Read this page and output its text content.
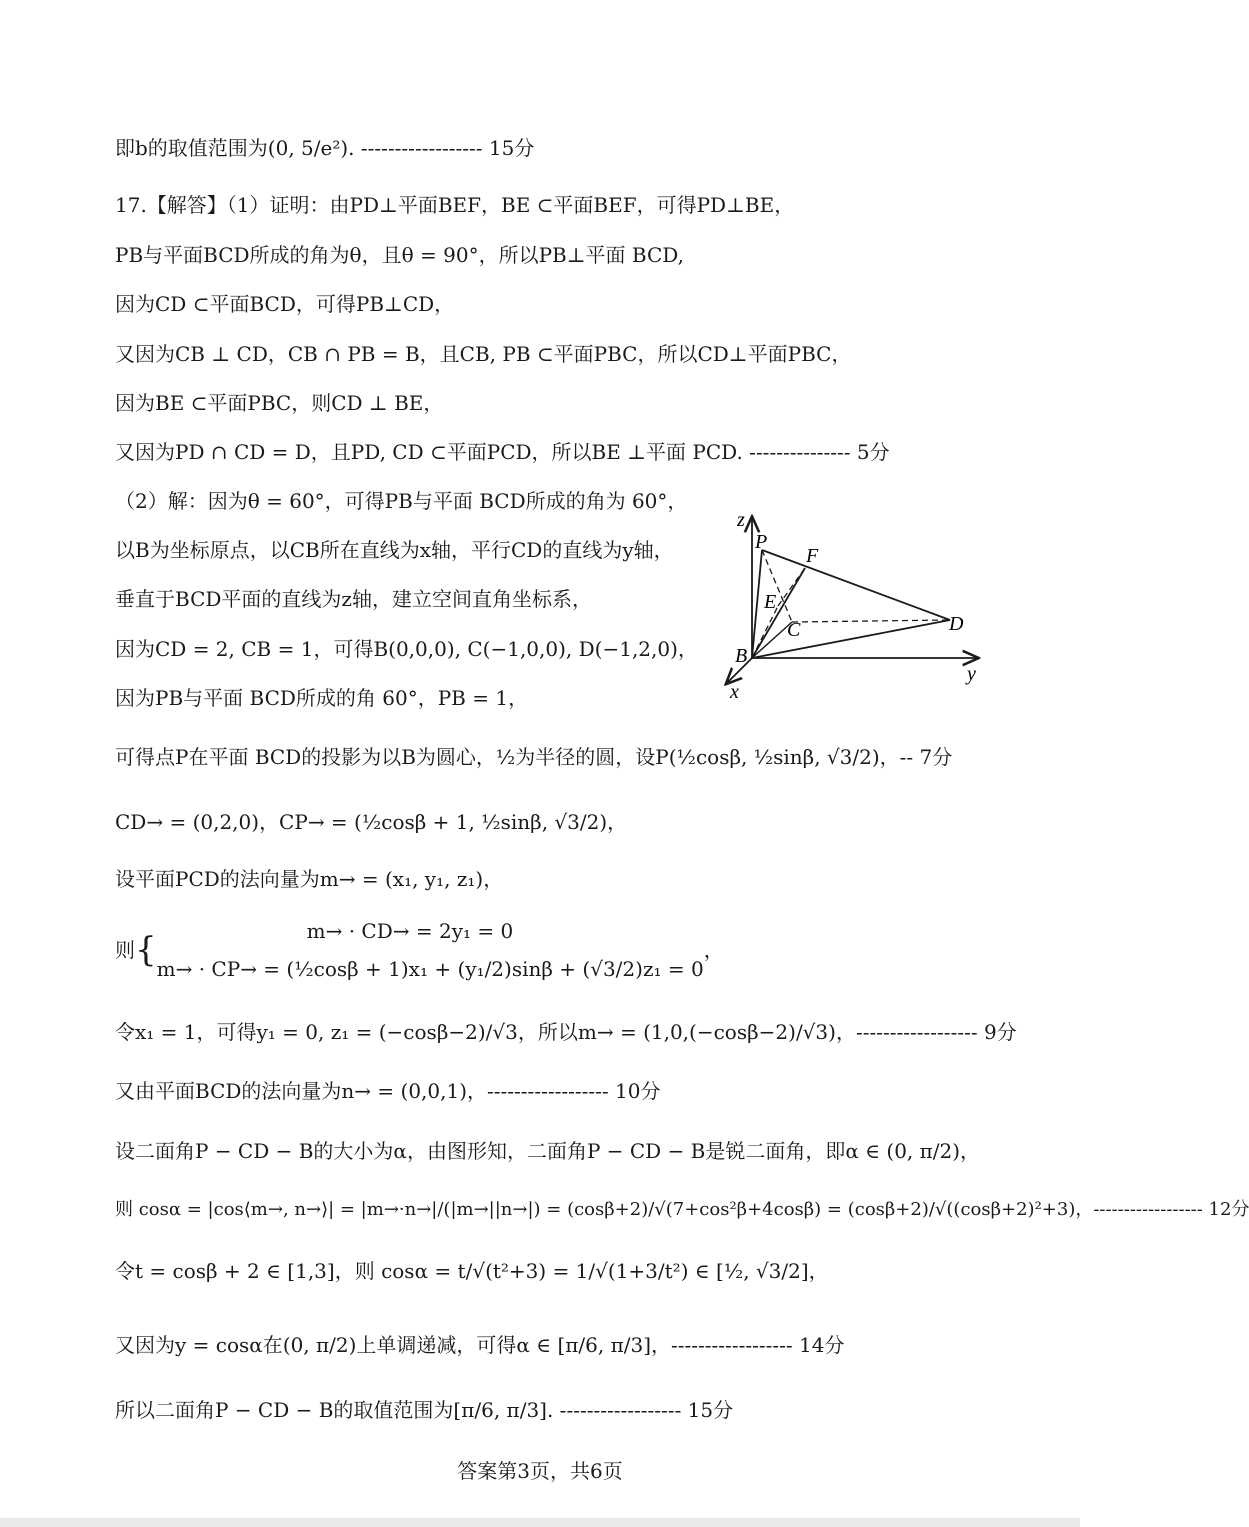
即b的取值范围为(0, 5/e²). ------------------ 15分
17.【解答】（1）证明：由PD⊥平面BEF，BE ⊂平面BEF，可得PD⊥BE，
PB与平面BCD所成的角为θ，且θ = 90°，所以PB⊥平面 BCD,
因为CD ⊂平面BCD，可得PB⊥CD，
又因为CB ⊥ CD，CB ∩ PB = B，且CB, PB ⊂平面PBC，所以CD⊥平面PBC，
因为BE ⊂平面PBC，则CD ⊥ BE，
又因为PD ∩ CD = D，且PD, CD ⊂平面PCD，所以BE ⊥平面 PCD. --------------- 5分
（2）解：因为θ = 60°，可得PB与平面 BCD所成的角为 60°，
以B为坐标原点，以CB所在直线为x轴，平行CD的直线为y轴，
垂直于BCD平面的直线为z轴，建立空间直角坐标系，
因为CD = 2, CB = 1，可得B(0,0,0), C(−1,0,0), D(−1,2,0)，
因为PB与平面 BCD所成的角 60°，PB = 1，
可得点P在平面 BCD的投影为以B为圆心，½为半径的圆，设P(½cosβ, ½sinβ, √3/2)，-- 7分
CD→ = (0,2,0)，CP→ = (½cosβ + 1, ½sinβ, √3/2)，
设平面PCD的法向量为m→ = (x₁, y₁, z₁)，
则{	m→ · CD→ = 2y₁ = 0
m→ · CP→ = (½cosβ + 1)x₁ + (y₁/2)sinβ + (√3/2)z₁ = 0
，
令x₁ = 1，可得y₁ = 0, z₁ = (−cosβ−2)/√3，所以m→ = (1,0,(−cosβ−2)/√3)，------------------ 9分
又由平面BCD的法向量为n→ = (0,0,1)，------------------ 10分
设二面角P − CD − B的大小为α，由图形知，二面角P − CD − B是锐二面角，即α ∈ (0, π/2)，
则 cosα = |cos⟨m→, n→⟩| = |m→·n→|/(|m→||n→|) = (cosβ+2)/√(7+cos²β+4cosβ) = (cosβ+2)/√((cosβ+2)²+3)，------------------ 12分
令t = cosβ + 2 ∈ [1,3]，则 cosα = t/√(t²+3) = 1/√(1+3/t²) ∈ [½, √3/2]，
又因为y = cosα在(0, π/2)上单调递减，可得α ∈ [π/6, π/3]，------------------ 14分
所以二面角P − CD − B的取值范围为[π/6, π/3]. ------------------ 15分
z
P
F
E
C	D
B
y
x
答案第3页，共6页
